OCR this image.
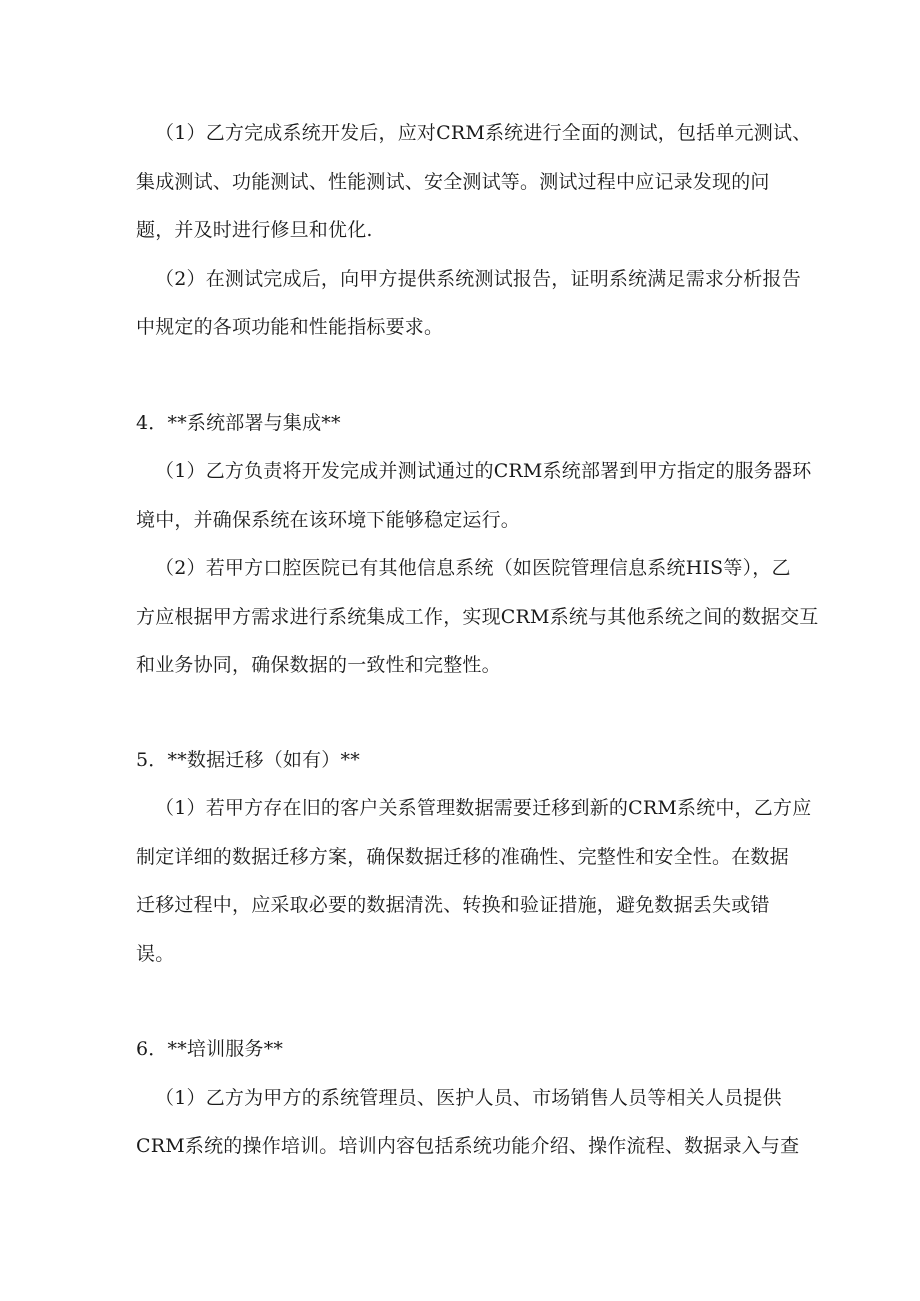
（1）乙方完成系统开发后，应对CRM系统进行全面的测试，包括单元测试、
集成测试、功能测试、性能测试、安全测试等。测试过程中应记录发现的问
题，并及时进行修旦和优化.
（2）在测试完成后，向甲方提供系统测试报告，证明系统满足需求分析报告
中规定的各项功能和性能指标要求。
4．**系统部署与集成**
（1）乙方负责将开发完成并测试通过的CRM系统部署到甲方指定的服务器环
境中，并确保系统在该环境下能够稳定运行。
（2）若甲方口腔医院已有其他信息系统（如医院管理信息系统HIS等），乙
方应根据甲方需求进行系统集成工作，实现CRM系统与其他系统之间的数据交互
和业务协同，确保数据的一致性和完整性。
5．**数据迁移（如有）**
（1）若甲方存在旧的客户关系管理数据需要迁移到新的CRM系统中，乙方应
制定详细的数据迁移方案，确保数据迁移的准确性、完整性和安全性。在数据
迁移过程中，应采取必要的数据清洗、转换和验证措施，避免数据丢失或错
误。
6．**培训服务**
（1）乙方为甲方的系统管理员、医护人员、市场销售人员等相关人员提供
CRM系统的操作培训。培训内容包括系统功能介绍、操作流程、数据录入与查
